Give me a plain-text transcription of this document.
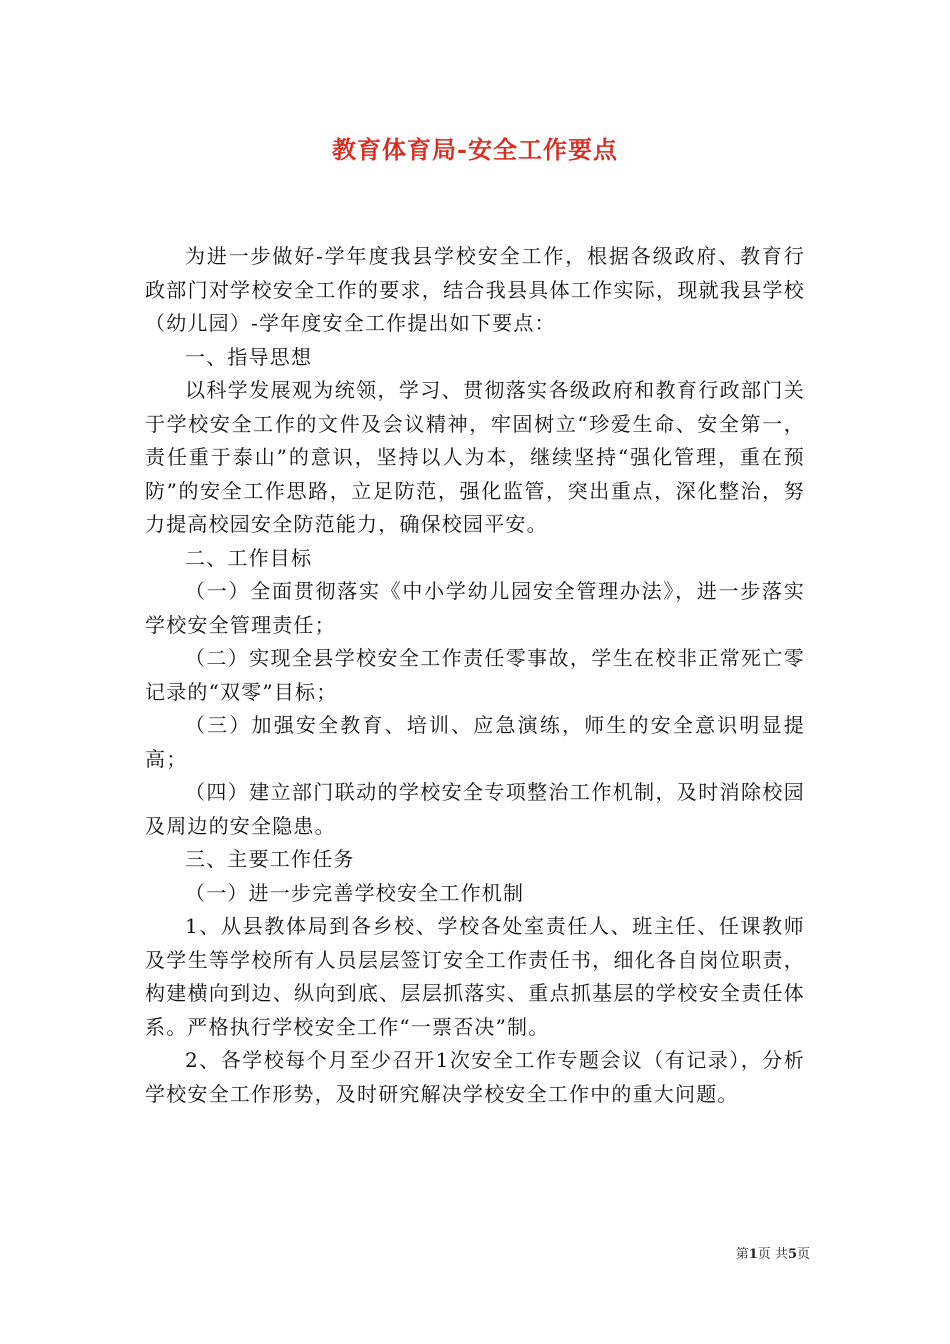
教育体育局-安全工作要点

为进一步做好-学年度我县学校安全工作，根据各级政府、教育行政部门对学校安全工作的要求，结合我县具体工作实际，现就我县学校（幼儿园）-学年度安全工作提出如下要点：

一、指导思想

以科学发展观为统领，学习、贯彻落实各级政府和教育行政部门关于学校安全工作的文件及会议精神，牢固树立“珍爱生命、安全第一，责任重于泰山”的意识，坚持以人为本，继续坚持“强化管理，重在预防”的安全工作思路，立足防范，强化监管，突出重点，深化整治，努力提高校园安全防范能力，确保校园平安。

二、工作目标

（一）全面贯彻落实《中小学幼儿园安全管理办法》，进一步落实学校安全管理责任；

（二）实现全县学校安全工作责任零事故，学生在校非正常死亡零记录的“双零”目标；

（三）加强安全教育、培训、应急演练，师生的安全意识明显提高；

（四）建立部门联动的学校安全专项整治工作机制，及时消除校园及周边的安全隐患。

三、主要工作任务

（一）进一步完善学校安全工作机制

1、从县教体局到各乡校、学校各处室责任人、班主任、任课教师及学生等学校所有人员层层签订安全工作责任书，细化各自岗位职责，构建横向到边、纵向到底、层层抓落实、重点抓基层的学校安全责任体系。严格执行学校安全工作“一票否决”制。

2、各学校每个月至少召开1次安全工作专题会议（有记录），分析学校安全工作形势，及时研究解决学校安全工作中的重大问题。

第1页 共5页
